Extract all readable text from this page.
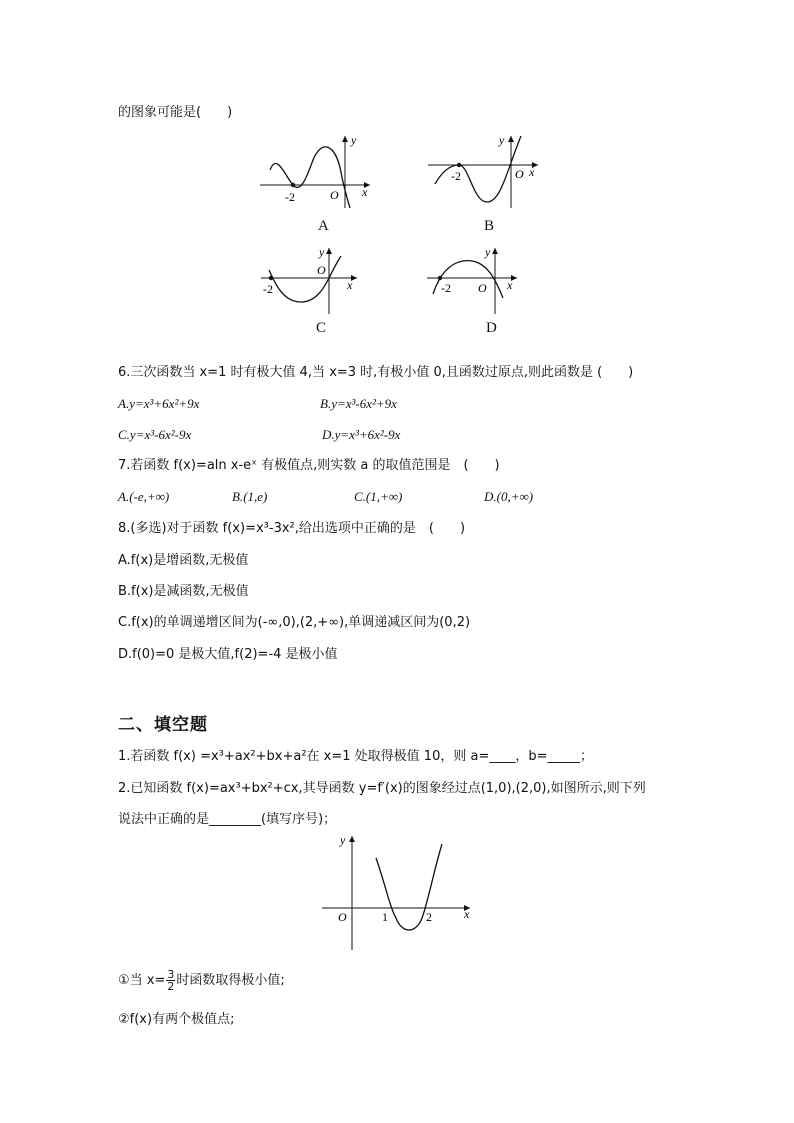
的图象可能是(　　)
-2	O x
y
A
-2	O x
y
B
-2
O
x
y
C
-2 O x
y
D
6.三次函数当 x=1 时有极大值 4,当 x=3 时,有极小值 0,且函数过原点,则此函数是 (　　)
A.y=x³+6x²+9x	B.y=x³-6x²+9x
C.y=x³-6x²-9x	D.y=x³+6x²-9x
7.若函数 f(x)=aln x-eˣ 有极值点,则实数 a 的取值范围是　(　　)
A.(-e,+∞)	B.(1,e)	C.(1,+∞)	D.(0,+∞)
8.(多选)对于函数 f(x)=x³-3x²,给出选项中正确的是　(　　)
A.f(x)是增函数,无极值
B.f(x)是减函数,无极值
C.f(x)的单调递增区间为(-∞,0),(2,+∞),单调递减区间为(0,2)
D.f(0)=0 是极大值,f(2)=-4 是极小值
二、填空题
1.若函数 f(x) =x³+ax²+bx+a²在 x=1 处取得极值 10，则 a=____，b=_____；
2.已知函数 f(x)=ax³+bx²+cx,其导函数 y=f′(x)的图象经过点(1,0),(2,0),如图所示,则下列
说法中正确的是________(填写序号)；
y
O	1	2	x
①当 $x= \frac{3}{2}$ 时函数取得极小值;
②f(x)有两个极值点;
